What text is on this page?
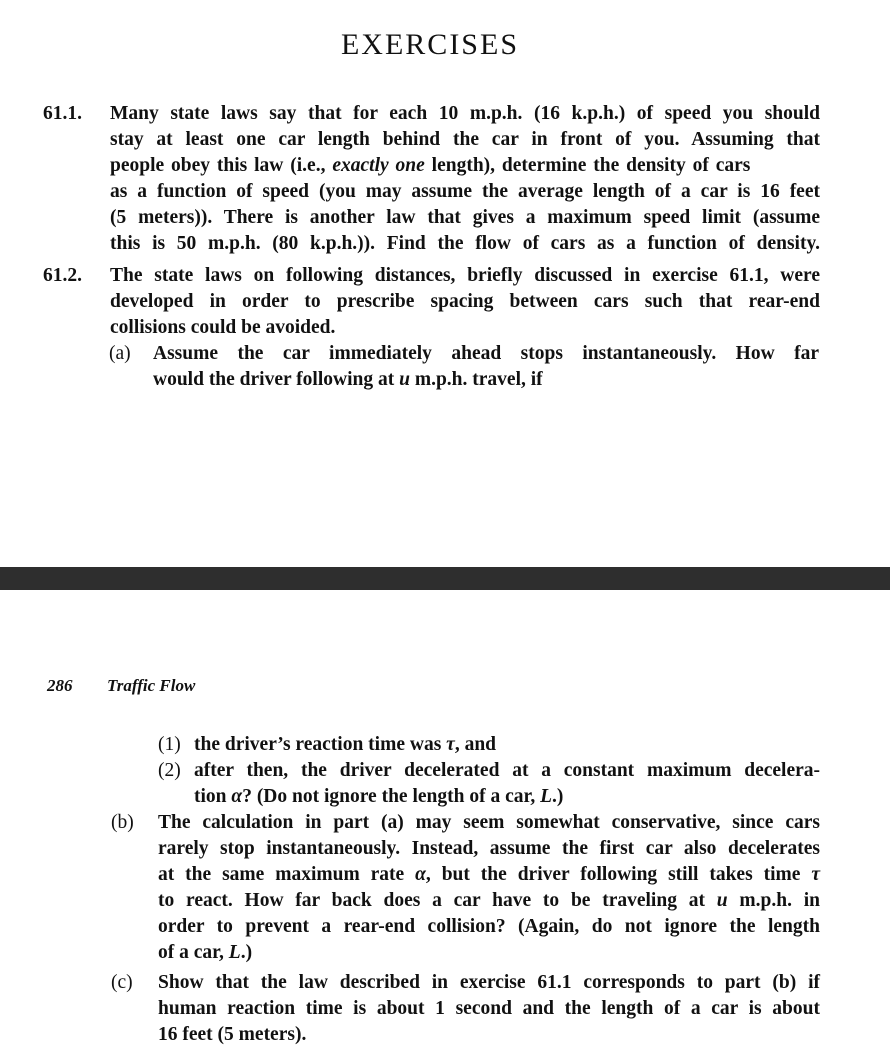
EXERCISES
61.1.	Many state laws say that for each 10 m.p.h. (16 k.p.h.) of speed you should
stay at least one car length behind the car in front of you. Assuming that
people obey this law (i.e., exactly one length), determine the density of cars
as a function of speed (you may assume the average length of a car is 16 feet
(5 meters)). There is another law that gives a maximum speed limit (assume
this is 50 m.p.h. (80 k.p.h.)). Find the flow of cars as a function of density.
61.2.	The state laws on following distances, briefly discussed in exercise 61.1, were
developed in order to prescribe spacing between cars such that rear-end
collisions could be avoided.
(a) Assume the car immediately ahead stops instantaneously. How far
would the driver following at u m.p.h. travel, if
286 Traffic Flow
(1) the driver’s reaction time was τ, and
(2) after then, the driver decelerated at a constant maximum decelera-
tion α? (Do not ignore the length of a car, L.)
(b) The calculation in part (a) may seem somewhat conservative, since cars
rarely stop instantaneously. Instead, assume the first car also decelerates
at the same maximum rate α, but the driver following still takes time τ
to react. How far back does a car have to be traveling at u m.p.h. in
order to prevent a rear-end collision? (Again, do not ignore the length
of a car, L.)
(c) Show that the law described in exercise 61.1 corresponds to part (b) if
human reaction time is about 1 second and the length of a car is about
16 feet (5 meters).
